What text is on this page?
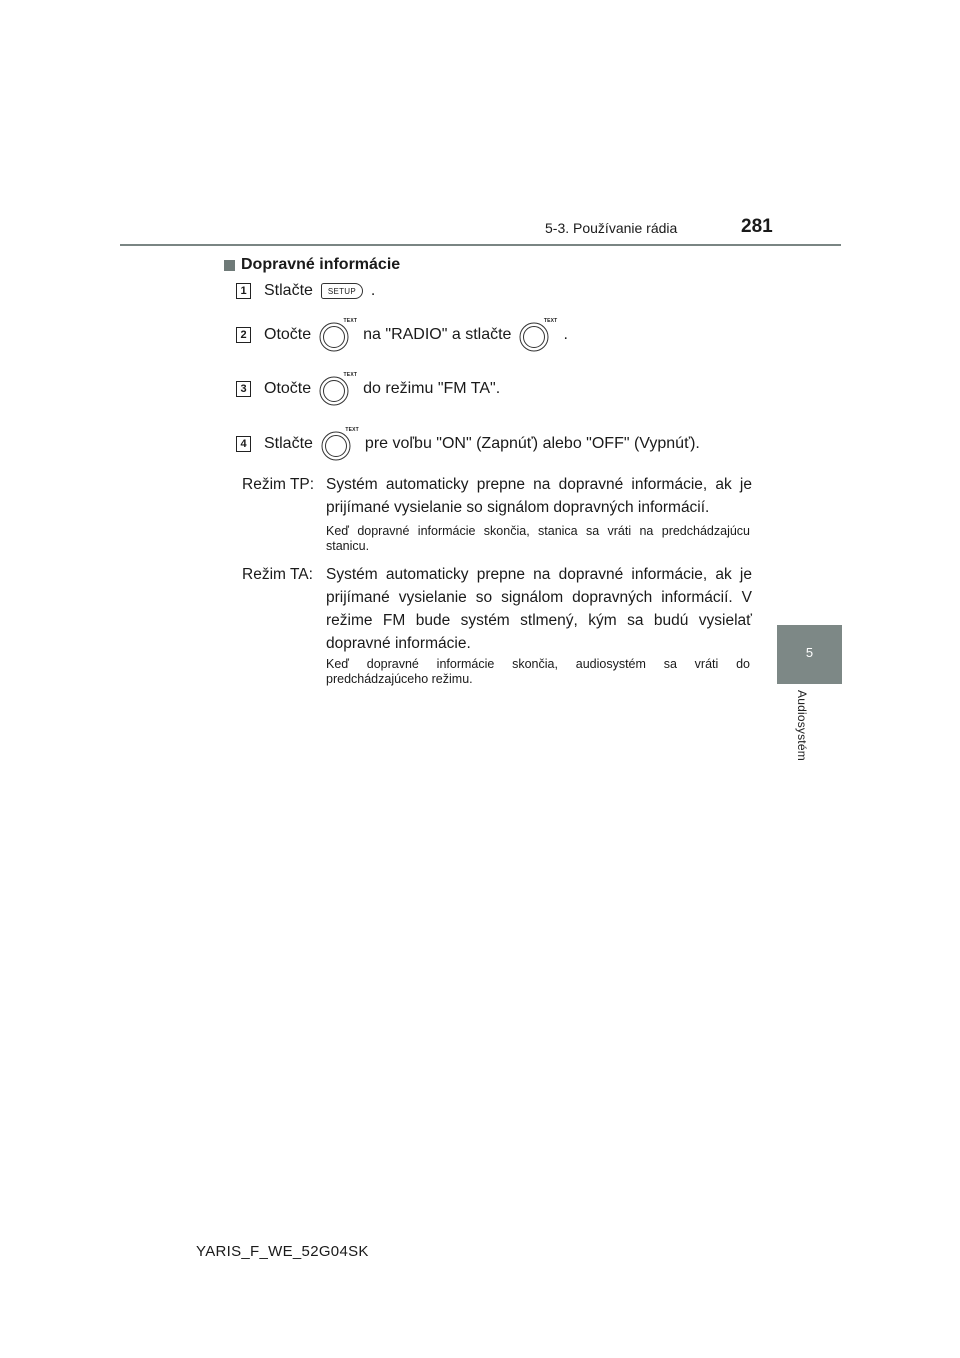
5-3. Používanie rádia	281
5
Audiosystém
Dopravné informácie
1 Stlačte	SETUP .
2 Otočte
TEXT
na "RADIO" a stlačte
TEXT
.
3 Otočte
TEXT
do režimu "FM TA".
4 Stlačte
TEXT
pre voľbu "ON" (Zapnúť) alebo "OFF" (Vypnúť).
Režim TP: Systém automaticky prepne na dopravné informácie, ak je prijímané vysielanie so signálom dopravných informácií.
Keď dopravné informácie skončia, stanica sa vráti na predchádzajúcu stanicu.
Režim TA: Systém automaticky prepne na dopravné informácie, ak je prijímané vysielanie so signálom dopravných informácií. V režime FM bude systém stlmený, kým sa budú vysielať dopravné informácie.
Keď dopravné informácie skončia, audiosystém sa vráti do predchádzajúceho režimu.
YARIS_F_WE_52G04SK
